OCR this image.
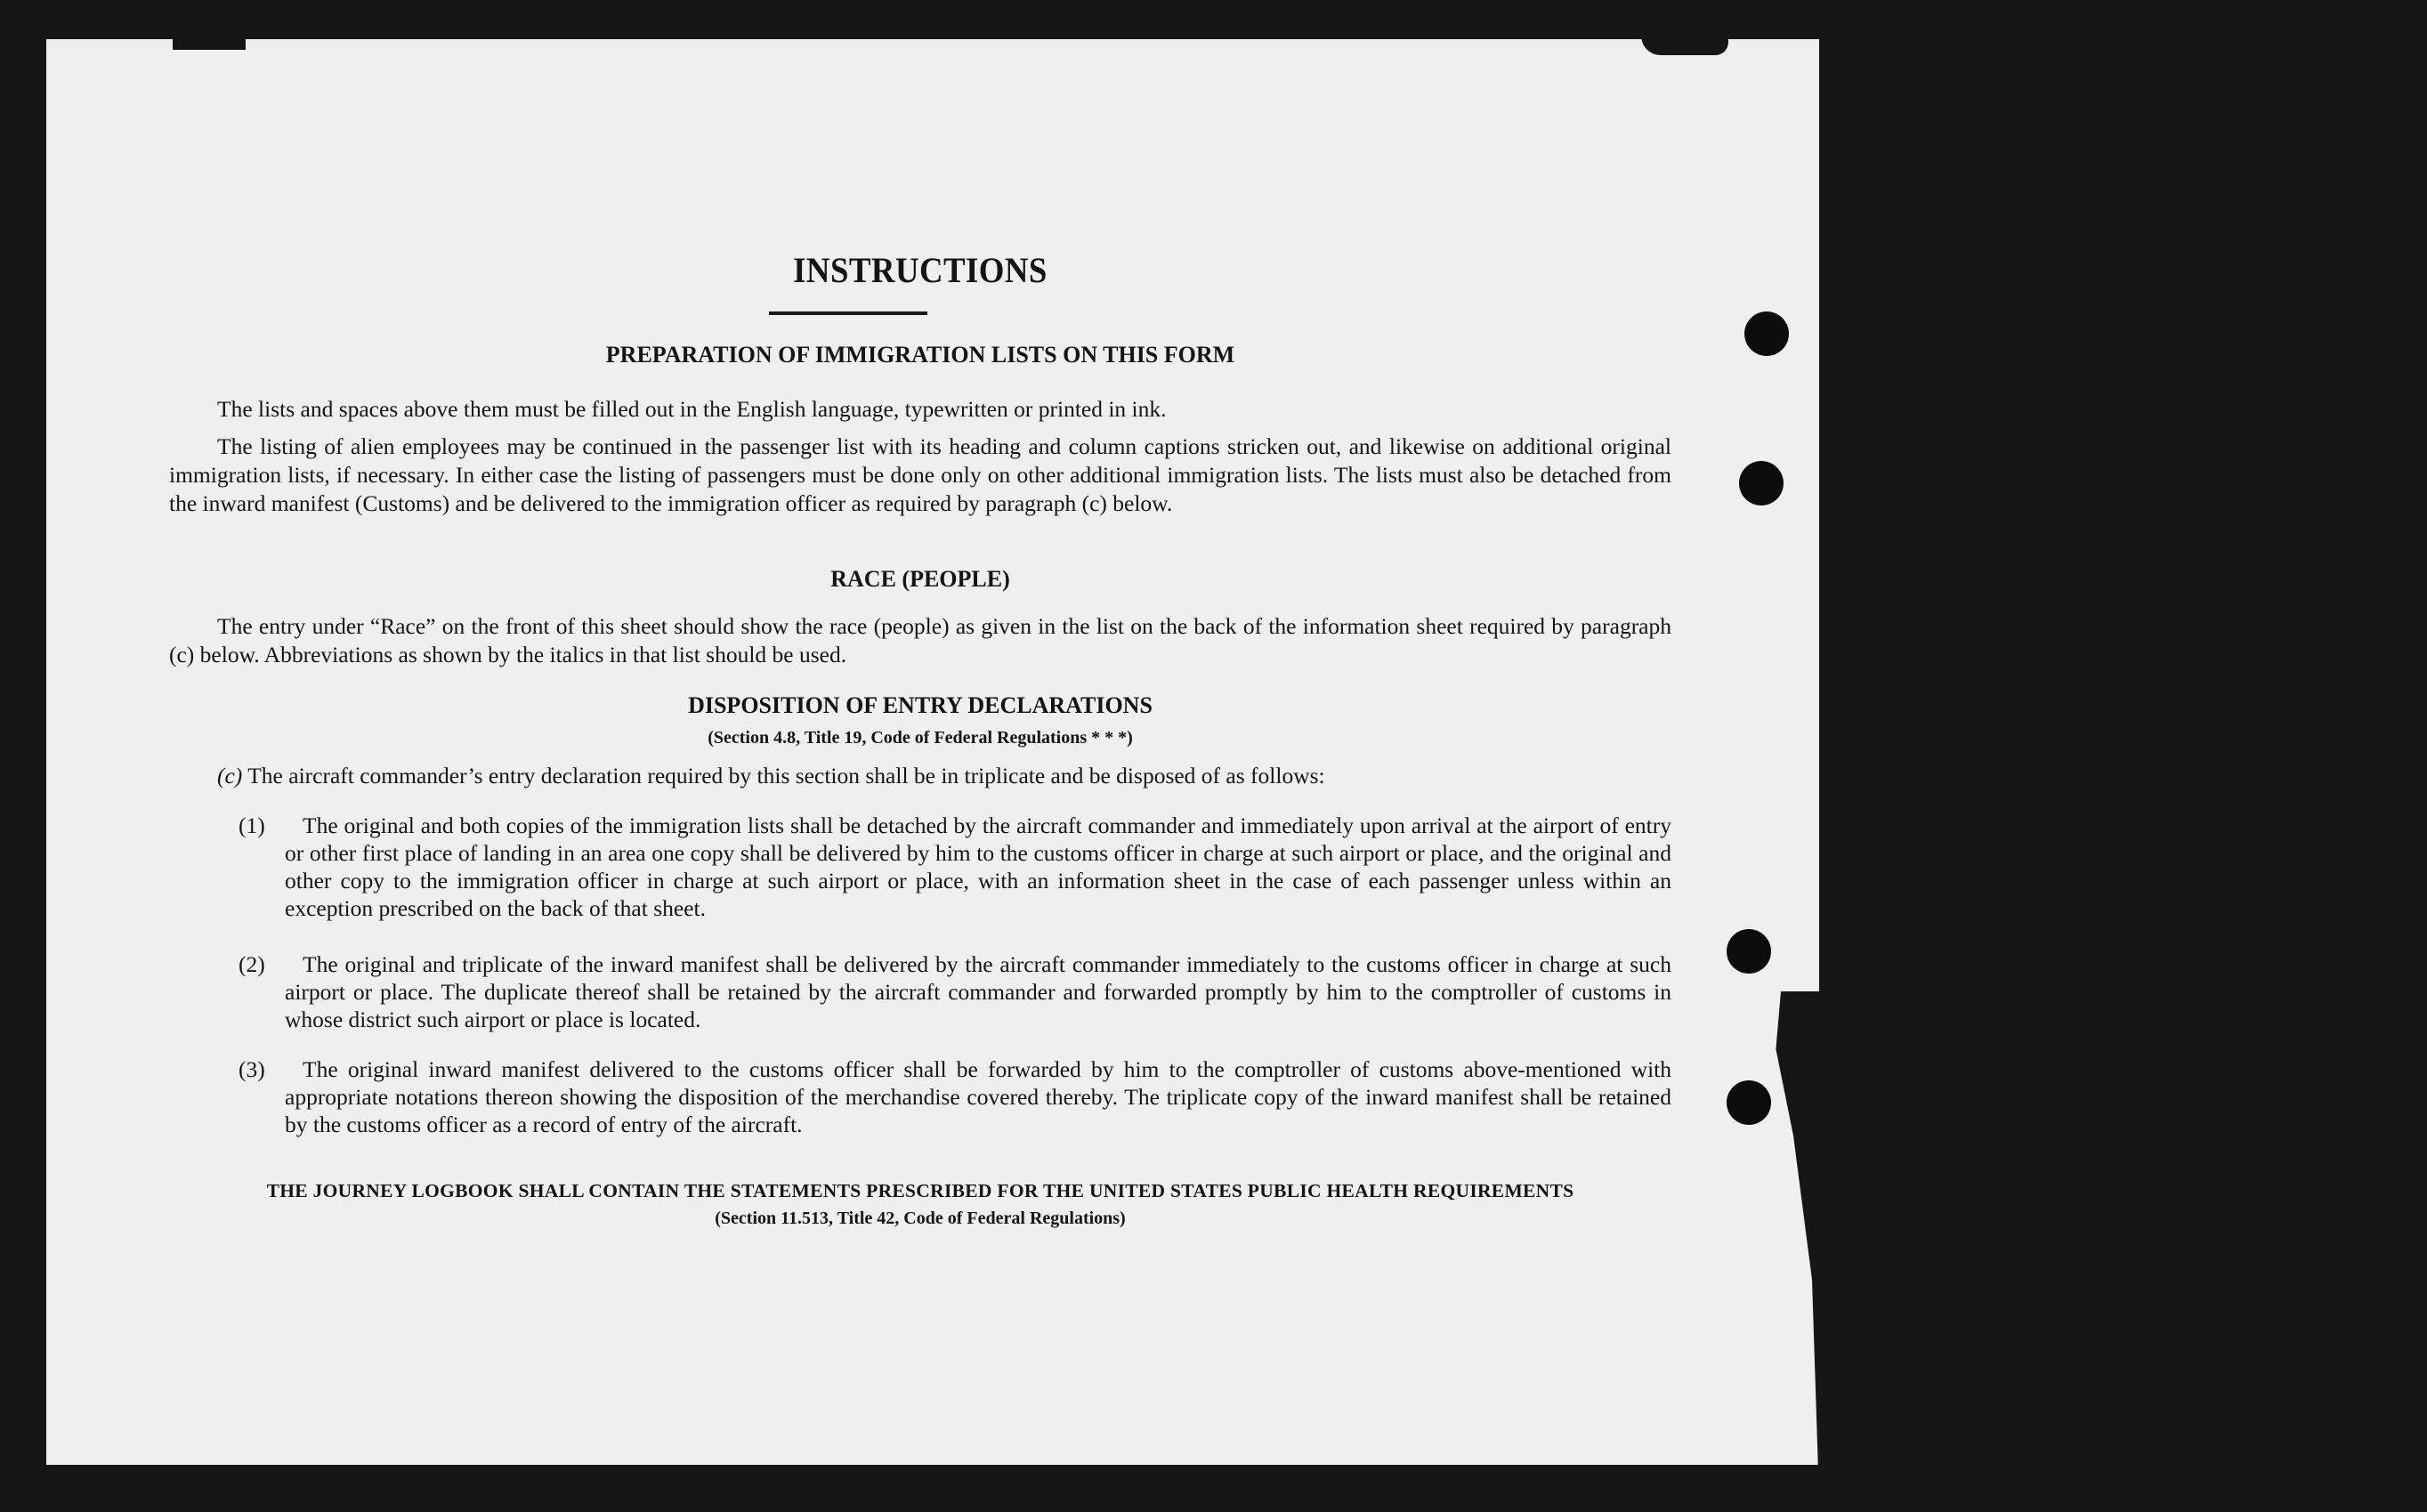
INSTRUCTIONS
PREPARATION OF IMMIGRATION LISTS ON THIS FORM
The lists and spaces above them must be filled out in the English language, typewritten or printed in ink.
The listing of alien employees may be continued in the passenger list with its heading and column captions stricken out, and likewise on additional original immigration lists, if necessary. In either case the listing of passengers must be done only on other additional immigration lists. The lists must also be detached from the inward manifest (Customs) and be delivered to the immigration officer as required by paragraph (c) below.
RACE (PEOPLE)
The entry under “Race” on the front of this sheet should show the race (people) as given in the list on the back of the information sheet required by paragraph (c) below. Abbreviations as shown by the italics in that list should be used.
DISPOSITION OF ENTRY DECLARATIONS
(Section 4.8, Title 19, Code of Federal Regulations * * *)
(c) The aircraft commander’s entry declaration required by this section shall be in triplicate and be disposed of as follows:
(1) The original and both copies of the immigration lists shall be detached by the aircraft commander and immediately upon arrival at the airport of entry or other first place of landing in an area one copy shall be delivered by him to the customs officer in charge at such airport or place, and the original and other copy to the immigration officer in charge at such airport or place, with an information sheet in the case of each passenger unless within an exception prescribed on the back of that sheet.
(2) The original and triplicate of the inward manifest shall be delivered by the aircraft commander immediately to the customs officer in charge at such airport or place. The duplicate thereof shall be retained by the aircraft commander and forwarded promptly by him to the comptroller of customs in whose district such airport or place is located.
(3) The original inward manifest delivered to the customs officer shall be forwarded by him to the comptroller of customs above-mentioned with appropriate notations thereon showing the disposition of the merchandise covered thereby. The triplicate copy of the inward manifest shall be retained by the customs officer as a record of entry of the aircraft.
THE JOURNEY LOGBOOK SHALL CONTAIN THE STATEMENTS PRESCRIBED FOR THE UNITED STATES PUBLIC HEALTH REQUIREMENTS
(Section 11.513, Title 42, Code of Federal Regulations)
